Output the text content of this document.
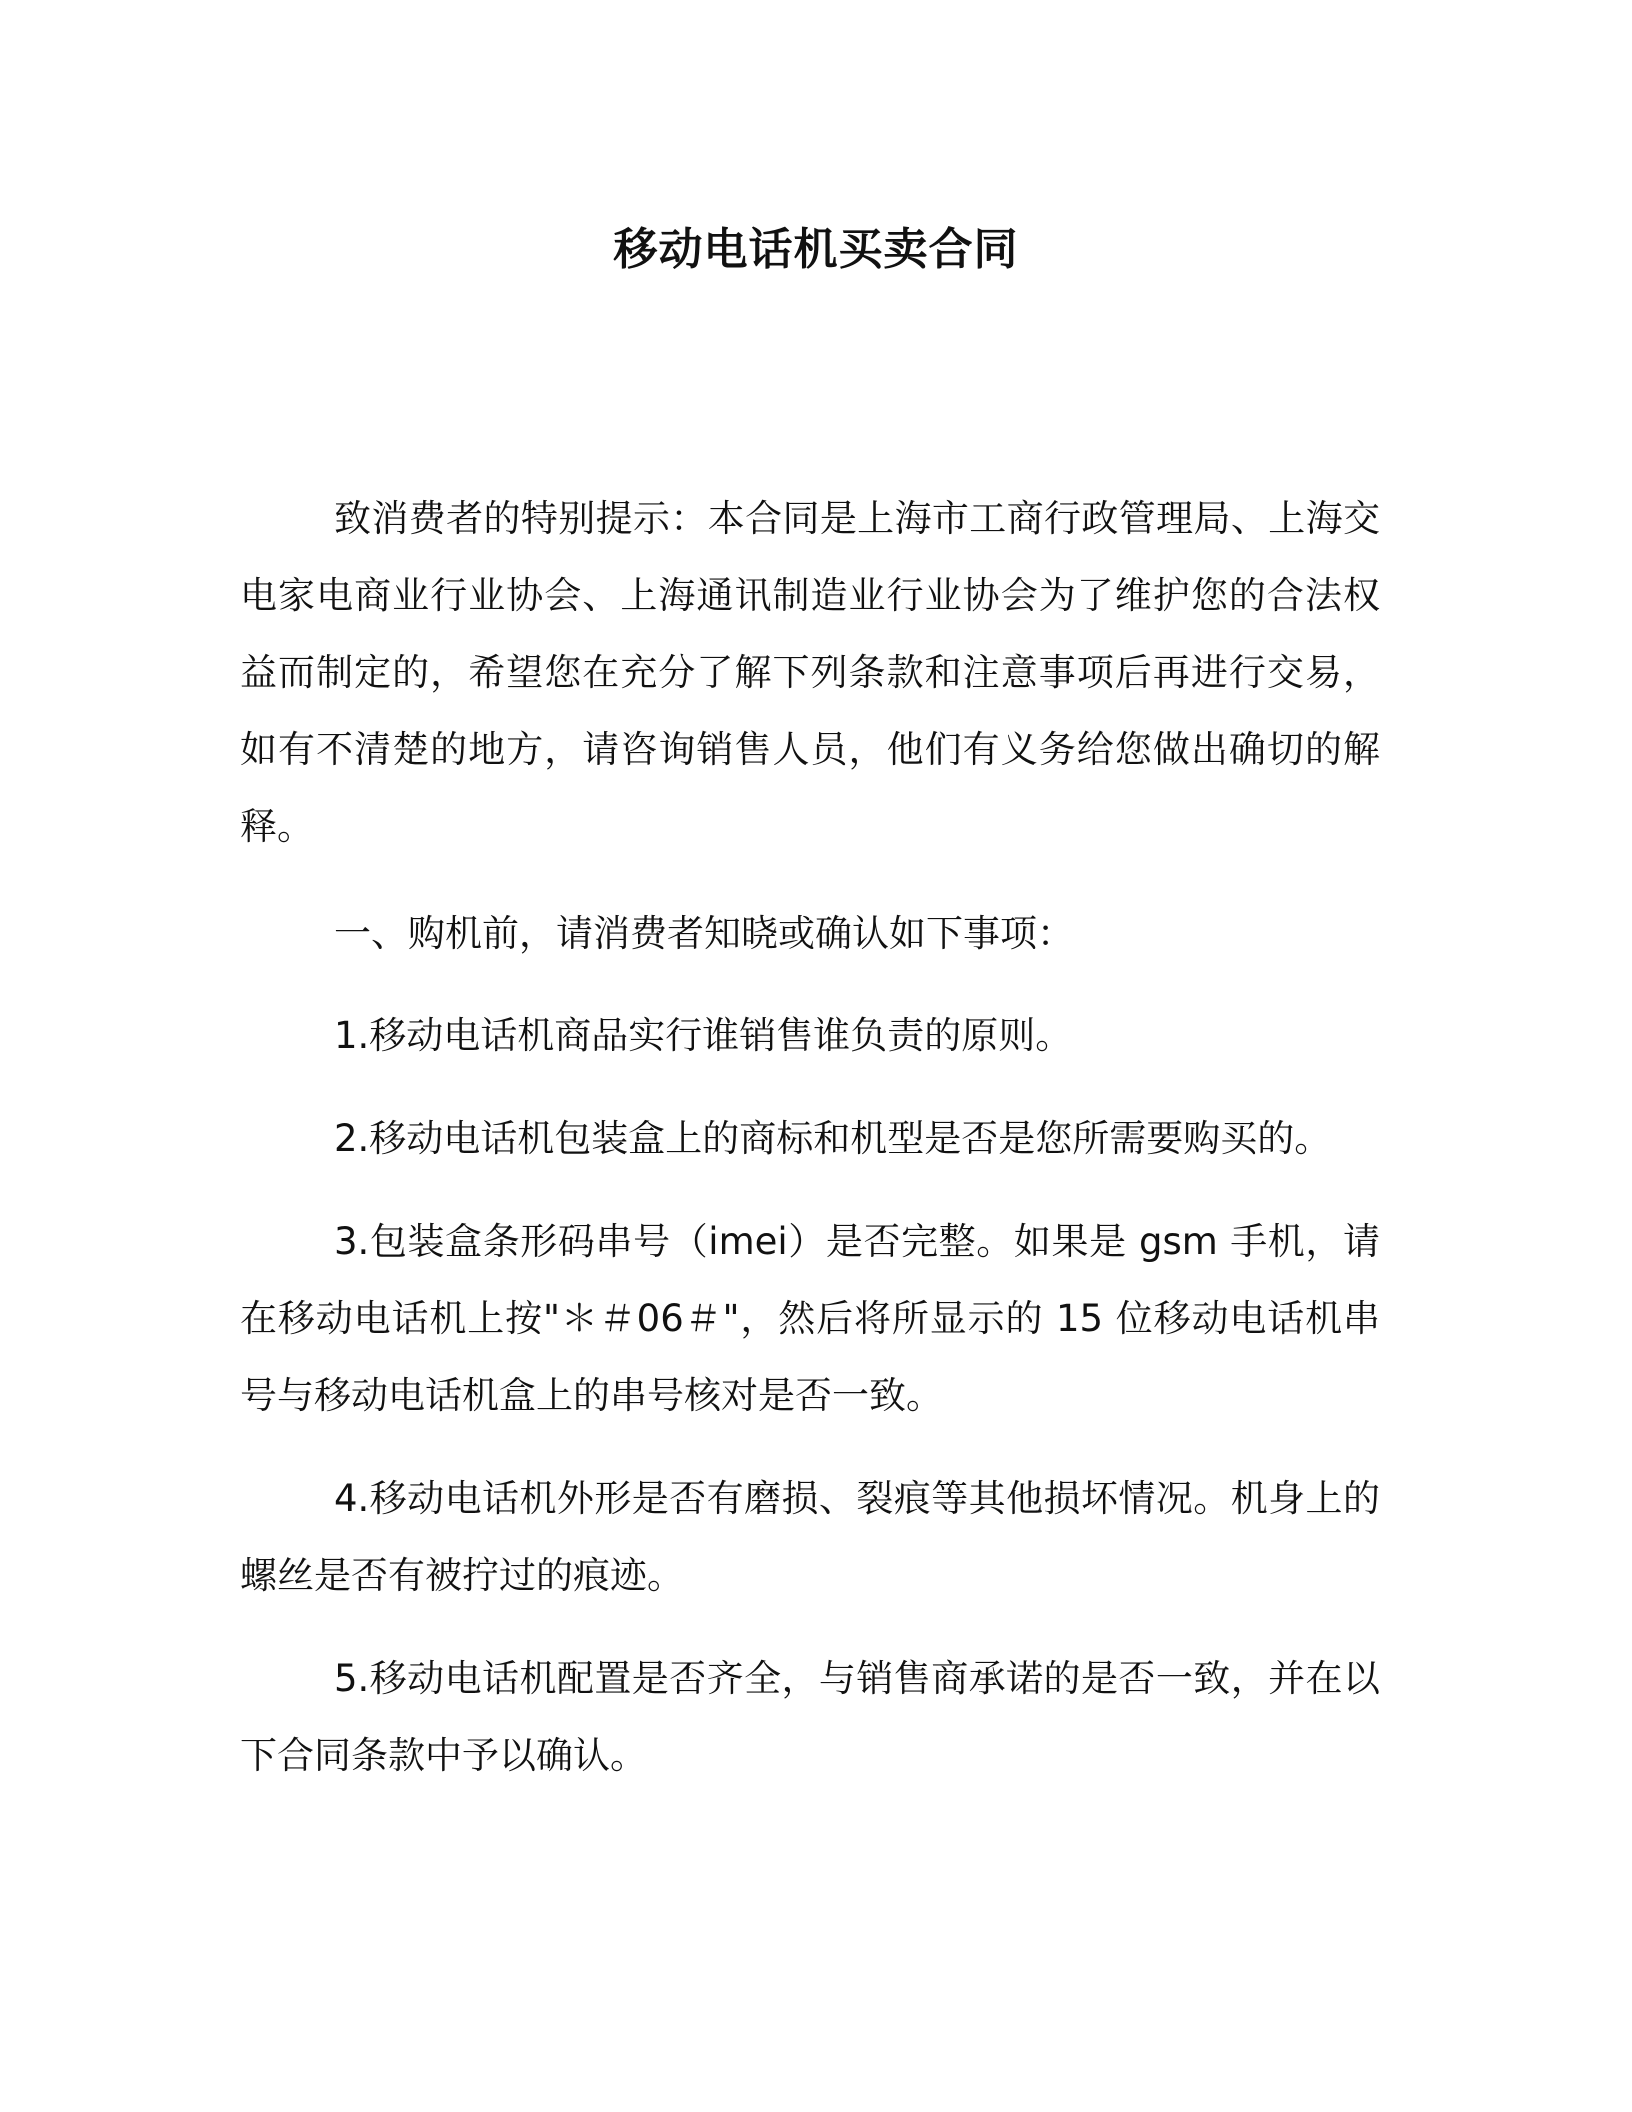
移动电话机买卖合同

致消费者的特别提示：本合同是上海市工商行政管理局、上海交电家电商业行业协会、上海通讯制造业行业协会为了维护您的合法权益而制定的，希望您在充分了解下列条款和注意事项后再进行交易，如有不清楚的地方，请咨询销售人员，他们有义务给您做出确切的解释。

一、购机前，请消费者知晓或确认如下事项：

1.移动电话机商品实行谁销售谁负责的原则。

2.移动电话机包装盒上的商标和机型是否是您所需要购买的。

3.包装盒条形码串号（imei）是否完整。如果是 gsm 手机，请在移动电话机上按"＊＃06＃"，然后将所显示的 15 位移动电话机串号与移动电话机盒上的串号核对是否一致。

4.移动电话机外形是否有磨损、裂痕等其他损坏情况。机身上的螺丝是否有被拧过的痕迹。

5.移动电话机配置是否齐全，与销售商承诺的是否一致，并在以下合同条款中予以确认。
